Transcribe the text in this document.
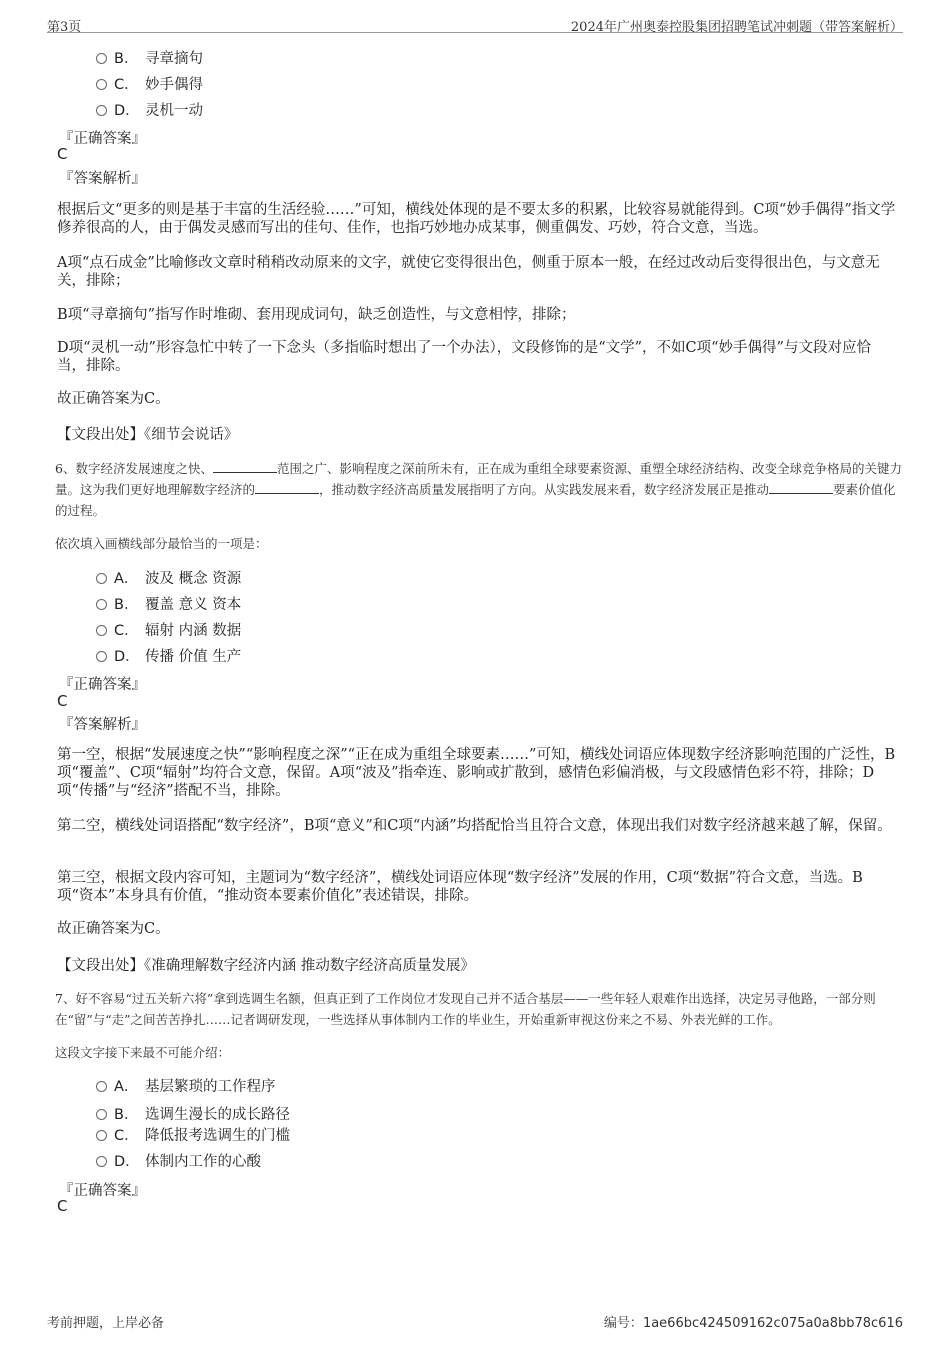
第3页	2024年广州奥泰控股集团招聘笔试冲刺题（带答案解析）
B． 寻章摘句
C． 妙手偶得
D． 灵机一动
『正确答案』
C
『答案解析』
根据后文“更多的则是基于丰富的生活经验……”可知，横线处体现的是不要太多的积累，比较容易就能得到。C项“妙手偶得”指文学修养很高的人，由于偶发灵感而写出的佳句、佳作，也指巧妙地办成某事，侧重偶发、巧妙，符合文意，当选。
A项“点石成金”比喻修改文章时稍稍改动原来的文字，就使它变得很出色，侧重于原本一般，在经过改动后变得很出色，与文意无关，排除；
B项“寻章摘句”指写作时堆砌、套用现成词句，缺乏创造性，与文意相悖，排除；
D项“灵机一动”形容急忙中转了一下念头（多指临时想出了一个办法），文段修饰的是“文学”，不如C项“妙手偶得”与文段对应恰当，排除。
故正确答案为C。
【文段出处】《细节会说话》
6、数字经济发展速度之快、	范围之广、影响程度之深前所未有，正在成为重组全球要素资源、重塑全球经济结构、改变全球竞争格局的关键力量。这为我们更好地理解数字经济的	，推动数字经济高质量发展指明了方向。从实践发展来看，数字经济发展正是推动	要素价值化的过程。
依次填入画横线部分最恰当的一项是：
A． 波及 概念 资源
B． 覆盖 意义 资本
C． 辐射 内涵 数据
D． 传播 价值 生产
『正确答案』
C
『答案解析』
第一空，根据“发展速度之快”“影响程度之深”“正在成为重组全球要素……”可知，横线处词语应体现数字经济影响范围的广泛性，B项“覆盖”、C项“辐射”均符合文意，保留。A项“波及”指牵连、影响或扩散到，感情色彩偏消极，与文段感情色彩不符，排除；D项“传播”与“经济”搭配不当，排除。
第二空，横线处词语搭配“数字经济”，B项“意义”和C项“内涵”均搭配恰当且符合文意，体现出我们对数字经济越来越了解，保留。
第三空，根据文段内容可知，主题词为“数字经济”，横线处词语应体现“数字经济”发展的作用，C项“数据”符合文意，当选。B项“资本”本身具有价值，“推动资本要素价值化”表述错误，排除。
故正确答案为C。
【文段出处】《准确理解数字经济内涵 推动数字经济高质量发展》
7、好不容易“过五关斩六将”拿到选调生名额，但真正到了工作岗位才发现自己并不适合基层——一些年轻人艰难作出选择，决定另寻他路，一部分则在“留”与“走”之间苦苦挣扎……记者调研发现，一些选择从事体制内工作的毕业生，开始重新审视这份来之不易、外表光鲜的工作。
这段文字接下来最不可能介绍：
A． 基层繁琐的工作程序
B． 选调生漫长的成长路径
C． 降低报考选调生的门槛
D． 体制内工作的心酸
『正确答案』
C
考前押题，上岸必备	编号：1ae66bc424509162c075a0a8bb78c616
